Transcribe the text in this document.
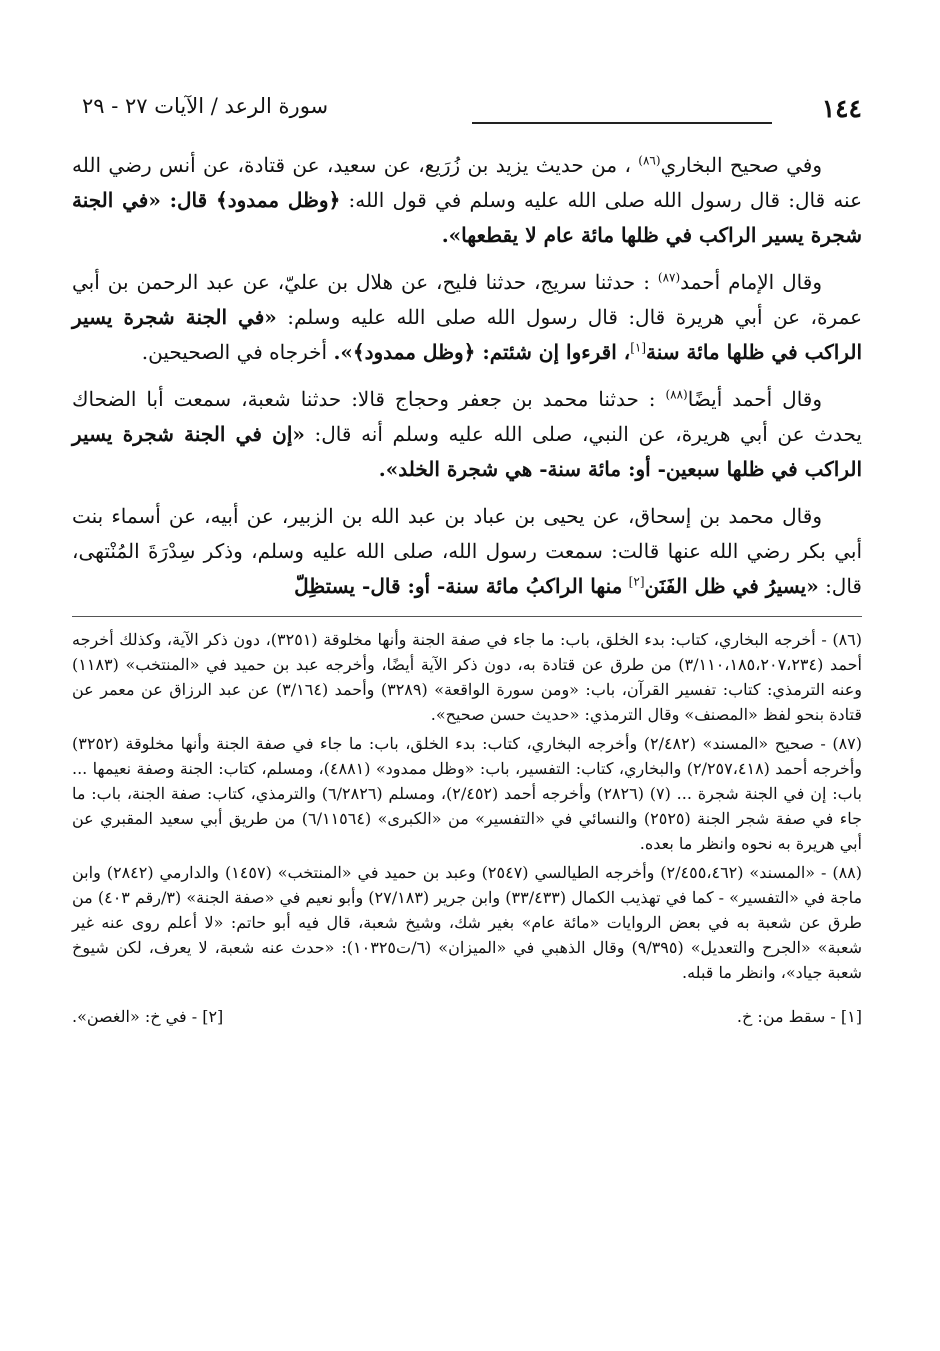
١٤٤
سورة الرعد / الآيات ٢٧ - ٢٩

وفي صحيح البخاري$^{(٨٦)}$ ، من حديث يزيد بن زُرَيع، عن سعيد، عن قتادة، عن أنس رضي الله عنه قال: قال رسول الله صلى الله عليه وسلم في قول الله: ﴿وظل ممدود﴾ قال: «في الجنة شجرة يسير الراكب في ظلها مائة عام لا يقطعها».

وقال الإمام أحمد$^{(٨٧)}$ : حدثنا سريج، حدثنا فليح، عن هلال بن عليّ، عن عبد الرحمن بن أبي عمرة، عن أبي هريرة قال: قال رسول الله صلى الله عليه وسلم: «في الجنة شجرة يسير الراكب في ظلها مائة سنة[١]، اقرءوا إن شئتم: ﴿وظل ممدود﴾». أخرجاه في الصحيحين.

وقال أحمد أيضًا$^{(٨٨)}$ : حدثنا محمد بن جعفر وحجاج قالا: حدثنا شعبة، سمعت أبا الضحاك يحدث عن أبي هريرة، عن النبي، صلى الله عليه وسلم أنه قال: «إن في الجنة شجرة يسير الراكب في ظلها سبعين- أو: مائة سنة- هي شجرة الخلد».

وقال محمد بن إسحاق، عن يحيى بن عباد بن عبد الله بن الزبير، عن أبيه، عن أسماء بنت أبي بكر رضي الله عنها قالت: سمعت رسول الله، صلى الله عليه وسلم، وذكر سِدْرَةَ المُنْتهى، قال: «يسيرُ في ظل الفَنَن[٢] منها الراكبُ مائة سنة- أو: قال- يستظِلّ

(٨٦) - أخرجه البخاري، كتاب: بدء الخلق، باب: ما جاء في صفة الجنة وأنها مخلوقة (٣٢٥١)، دون ذكر الآية، وكذلك أخرجه أحمد (٣/١١٠،١٨٥،٢٠٧،٢٣٤) من طرق عن قتادة به، دون ذكر الآية أيضًا، وأخرجه عبد بن حميد في «المنتخب» (١١٨٣) وعنه الترمذي: كتاب: تفسير القرآن، باب: «ومن سورة الواقعة» (٣٢٨٩) وأحمد (٣/١٦٤) عن عبد الرزاق عن معمر عن قتادة بنحو لفظ «المصنف» وقال الترمذي: «حديث حسن صحيح».

(٨٧) - صحيح «المسند» (٢/٤٨٢) وأخرجه البخاري، كتاب: بدء الخلق، باب: ما جاء في صفة الجنة وأنها مخلوقة (٣٢٥٢) وأخرجه أحمد (٢/٢٥٧،٤١٨) والبخاري، كتاب: التفسير، باب: «وظل ممدود» (٤٨٨١)، ومسلم، كتاب: الجنة وصفة نعيمها ... باب: إن في الجنة شجرة ... (٧) (٢٨٢٦) وأخرجه أحمد (٢/٤٥٢)، ومسلم (٦/٢٨٢٦) والترمذي، كتاب: صفة الجنة، باب: ما جاء في صفة شجر الجنة (٢٥٢٥) والنسائي في «التفسير» من «الكبرى» (٦/١١٥٦٤) من طريق أبي سعيد المقبري عن أبي هريرة به نحوه وانظر ما بعده.

(٨٨) - «المسند» (٢/٤٥٥،٤٦٢) وأخرجه الطيالسي (٢٥٤٧) وعبد بن حميد في «المنتخب» (١٤٥٧) والدارمي (٢٨٤٢) وابن ماجة في «التفسير» - كما في تهذيب الكمال (٣٣/٤٣٣) وابن جرير (٢٧/١٨٣) وأبو نعيم في «صفة الجنة» (٣/رقم ٤٠٣) من طرق عن شعبة به في بعض الروايات «مائة عام» بغير شك، وشيخ شعبة، قال فيه أبو حاتم: «لا أعلم روى عنه غير شعبة» «الجرح والتعديل» (٩/٣٩٥) وقال الذهبي في «الميزان» (٦/ت١٠٣٢٥): «حدث عنه شعبة، لا يعرف، لكن شيوخ شعبة جياد»، وانظر ما قبله.

[١] - سقط من: خ.
[٢] - في خ: «الغصن».
